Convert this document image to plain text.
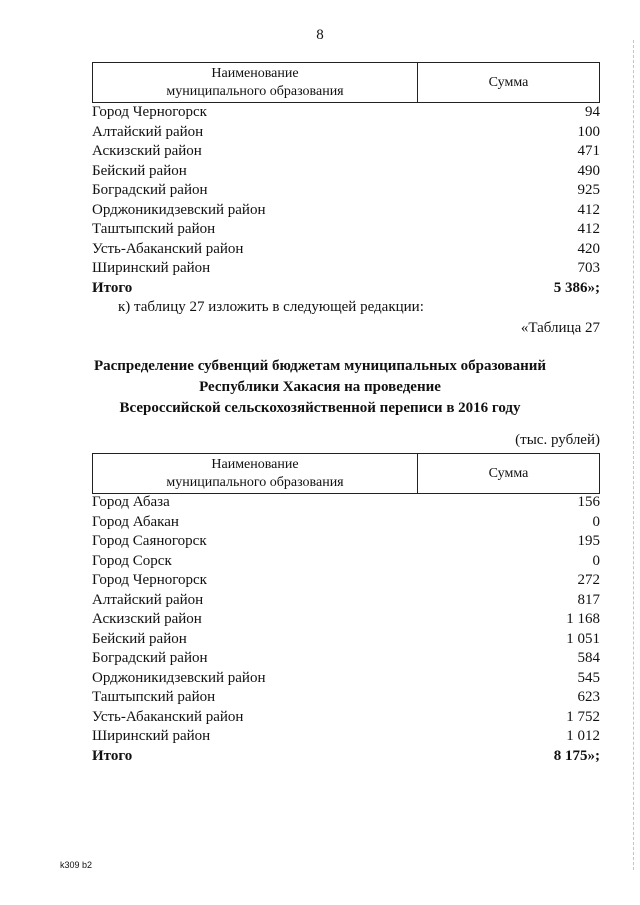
8
Наименование
муниципального образования
	Сумма
Город Черногорск	94
Алтайский район	100
Аскизский район	471
Бейский район	490
Боградский район	925
Орджоникидзевский район	412
Таштыпский район	412
Усть-Абаканский район	420
Ширинский район	703
Итого	5 386»;
к) таблицу 27 изложить в следующей редакции:
«Таблица 27
Распределение субвенций бюджетам муниципальных образований
Республики Хакасия на проведение
Всероссийской сельскохозяйственной переписи в 2016 году
(тыс. рублей)
Наименование
муниципального образования
	Сумма
Город Абаза	156
Город Абакан	0
Город Саяногорск	195
Город Сорск	0
Город Черногорск	272
Алтайский район	817
Аскизский район	1 168
Бейский район	1 051
Боградский район	584
Орджоникидзевский район	545
Таштыпский район	623
Усть-Абаканский район	1 752
Ширинский район	1 012
Итого	8 175»;
k309 b2
